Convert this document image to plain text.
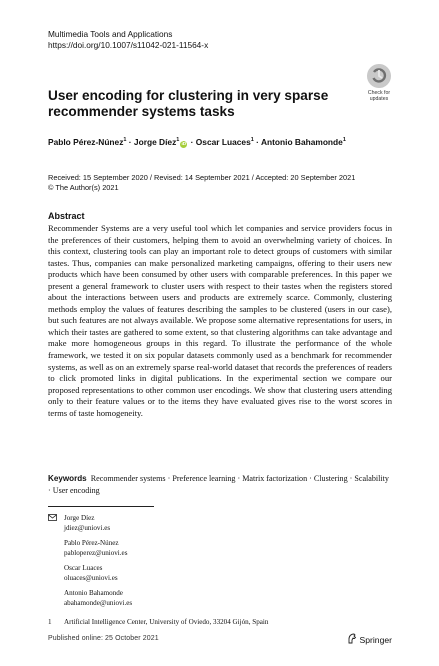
Multimedia Tools and Applications
https://doi.org/10.1007/s11042-021-11564-x
Check for
updates
User encoding for clustering in very sparse recommender systems tasks
Pablo Pérez-Núnez$^1$ · Jorge Díez$^1$iD · Oscar Luaces$^1$ · Antonio Bahamonde$^1$
Received: 15 September 2020 / Revised: 14 September 2021 / Accepted: 20 September 2021
© The Author(s) 2021
Abstract

Recommender Systems are a very useful tool which let companies and service providers focus in the preferences of their customers, helping them to avoid an overwhelming variety of choices. In this context, clustering tools can play an important role to detect groups of customers with similar tastes. Thus, companies can make personalized marketing campaigns, offering to their users new products which have been consumed by other users with comparable preferences. In this paper we present a general framework to cluster users with respect to their tastes when the registers stored about the interactions between users and products are extremely scarce. Commonly, clustering methods employ the values of features describing the samples to be clustered (users in our case), but such features are not always available. We propose some alternative representations for users, in which their tastes are gathered to some extent, so that clustering algorithms can take advantage and make more homogeneous groups in this regard. To illustrate the performance of the whole framework, we tested it on six popular datasets commonly used as a benchmark for recommender systems, as well as on an extremely sparse real-world dataset that records the preferences of readers to click promoted links in digital publications. In the experimental section we compare our proposed representations to other common user encodings. We show that clustering users attending only to their feature values or to the items they have evaluated gives rise to the worst scores in terms of taste homogeneity.

Keywords Recommender systems · Preference learning · Matrix factorization · Clustering · Scalability · User encoding
Jorge Díez
jdiez@uniovi.es
Pablo Pérez-Núnez
pabloperez@uniovi.es
Oscar Luaces
oluaces@uniovi.es
Antonio Bahamonde
abahamonde@uniovi.es
1 Artificial Intelligence Center, University of Oviedo, 33204 Gijón, Spain
Published online: 25 October 2021	Springer
